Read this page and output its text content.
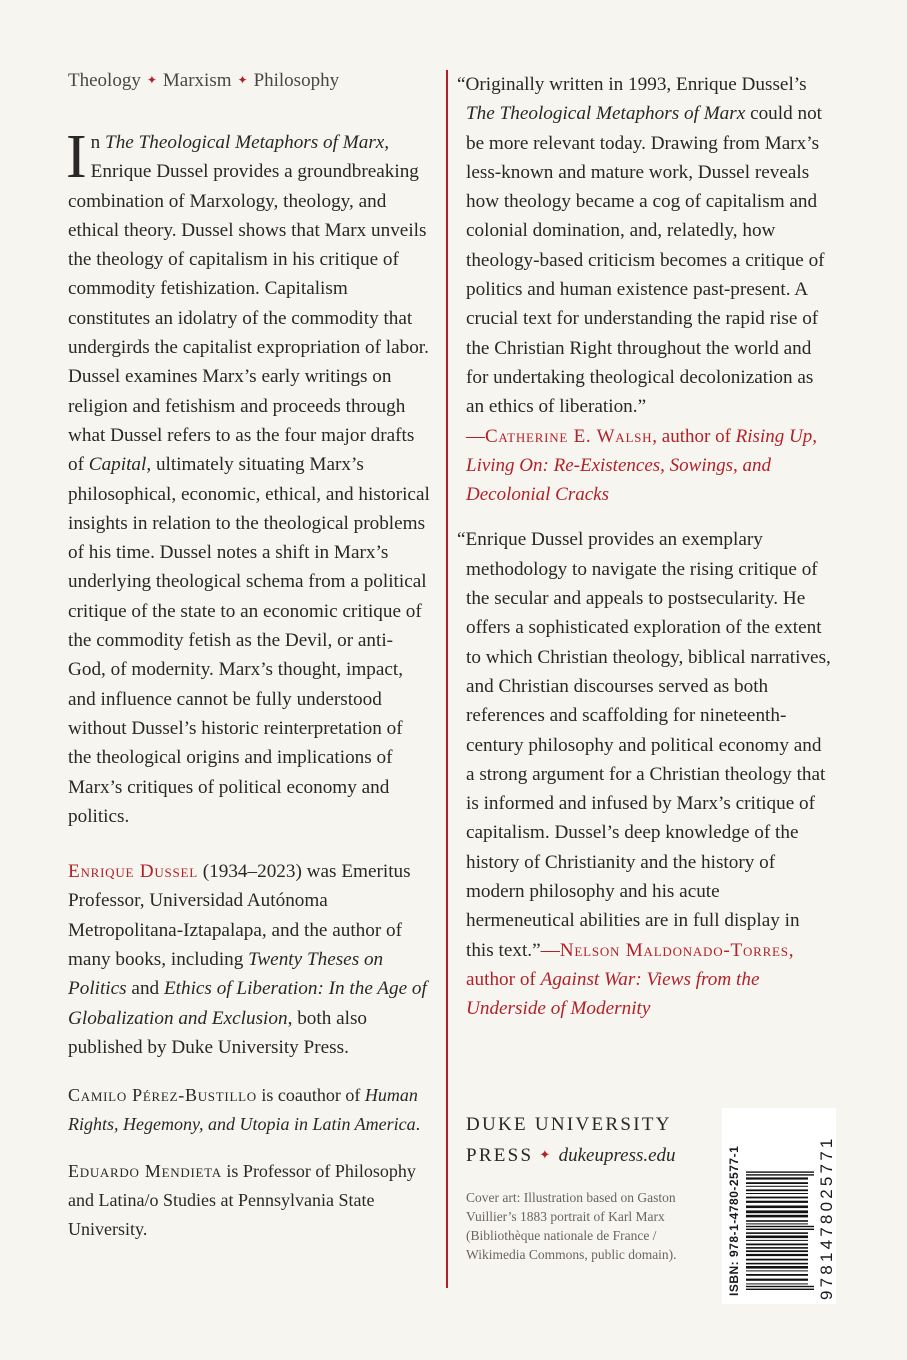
Theology ✦ Marxism ✦ Philosophy

In The Theological Metaphors of Marx, Enrique Dussel provides a groundbreaking combination of Marxology, theology, and ethical theory. Dussel shows that Marx unveils the theology of capitalism in his critique of commodity fetishization. Capitalism constitutes an idolatry of the commodity that undergirds the capitalist expropriation of labor. Dussel examines Marx’s early writings on religion and fetishism and proceeds through what Dussel refers to as the four major drafts of Capital, ultimately situating Marx’s philosophical, economic, ethical, and historical insights in relation to the theological problems of his time. Dussel notes a shift in Marx’s underlying theological schema from a political critique of the state to an economic critique of the commodity fetish as the Devil, or anti-God, of modernity. Marx’s thought, impact, and influence cannot be fully understood without Dussel’s historic reinterpretation of the theological origins and implications of Marx’s critiques of political economy and politics.

Enrique Dussel (1934–2023) was Emeritus Professor, Universidad Autónoma Metropolitana-Iztapalapa, and the author of many books, including Twenty Theses on Politics and Ethics of Liberation: In the Age of Globalization and Exclusion, both also published by Duke University Press.

Camilo Pérez-Bustillo is coauthor of Human Rights, Hegemony, and Utopia in Latin America.

Eduardo Mendieta is Professor of Philosophy and Latina/o Studies at Pennsylvania State University.

“Originally written in 1993, Enrique Dussel’s The Theological Metaphors of Marx could not be more relevant today. Drawing from Marx’s less-known and mature work, Dussel reveals how theology became a cog of capitalism and colonial domination, and, relatedly, how theology-based criticism becomes a critique of politics and human existence past-present. A crucial text for understanding the rapid rise of the Christian Right throughout the world and for undertaking theological decolonization as an ethics of liberation.”

—Catherine E. Walsh, author of Rising Up, Living On: Re-Existences, Sowings, and Decolonial Cracks

“Enrique Dussel provides an exemplary methodology to navigate the rising critique of the secular and appeals to postsecularity. He offers a sophisticated exploration of the extent to which Christian theology, biblical narratives, and Christian discourses served as both references and scaffolding for nineteenth-century philosophy and political economy and a strong argument for a Christian theology that is informed and infused by Marx’s critique of capitalism. Dussel’s deep knowledge of the history of Christianity and the history of modern philosophy and his acute hermeneutical abilities are in full display in this text.”—Nelson Maldonado-Torres, author of Against War: Views from the Underside of Modernity

DUKE UNIVERSITY
PRESS ✦ dukeupress.edu
Cover art: Illustration based on Gaston Vuillier’s 1883 portrait of Karl Marx (Bibliothèque nationale de France / Wikimedia Commons, public domain).	ISBN: 978-1-4780-2577-1	9781478025771
